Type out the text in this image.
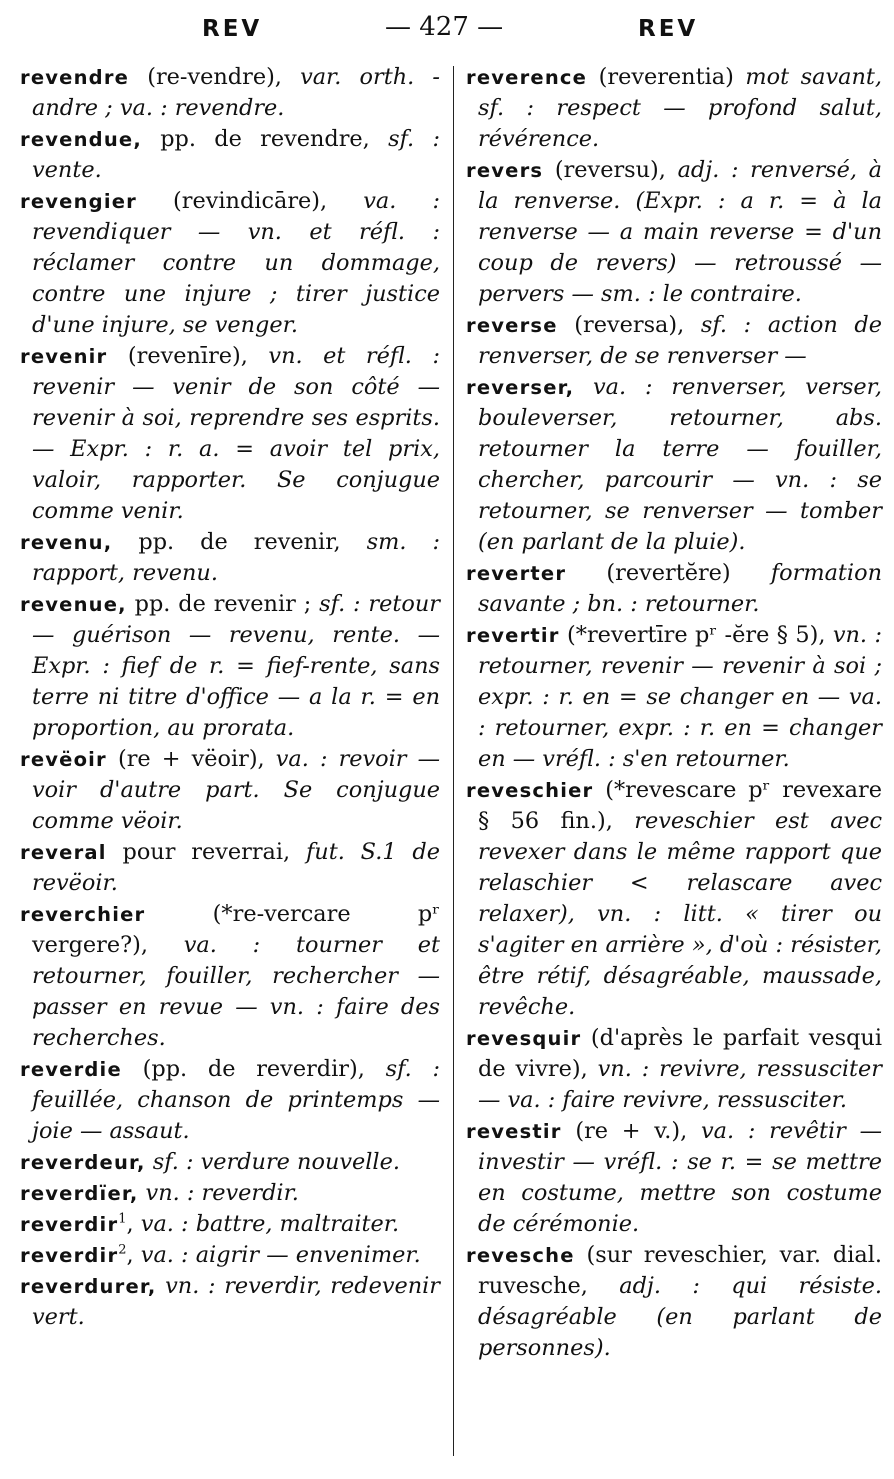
REV	— 427 —	REV

revendre (re-vendre), var. orth. -andre ; va. : revendre.

revendue, pp. de revendre, sf. : vente.

revengier (revindicāre), va. : revendiquer — vn. et réfl. : réclamer contre un dommage, contre une injure ; tirer justice d'une injure, se venger.

revenir (revenīre), vn. et réfl. : revenir — venir de son côté — revenir à soi, reprendre ses esprits. — Expr. : r. a. = avoir tel prix, valoir, rapporter. Se conjugue comme venir.

revenu, pp. de revenir, sm. : rapport, revenu.

revenue, pp. de revenir ; sf. : retour — guérison — revenu, rente. — Expr. : fief de r. = fief-rente, sans terre ni titre d'office — a la r. = en proportion, au prorata.

revëoir (re + vëoir), va. : revoir — voir d'autre part. Se conjugue comme vëoir.

reveral pour reverrai, fut. S.1 de revëoir.

reverchier (*re-vercare pʳ vergere?), va. : tourner et retourner, fouiller, rechercher — passer en revue — vn. : faire des recherches.

reverdie (pp. de reverdir), sf. : feuillée, chanson de printemps — joie — assaut.

reverdeur, sf. : verdure nouvelle.

reverdïer, vn. : reverdir.

reverdir$^1$, va. : battre, maltraiter.

reverdir$^2$, va. : aigrir — envenimer.

reverdurer, vn. : reverdir, redevenir vert.

reverence (reverentia) mot savant, sf. : respect — profond salut, révérence.

revers (reversu), adj. : renversé, à la renverse. (Expr. : a r. = à la renverse — a main reverse = d'un coup de revers) — retroussé — pervers — sm. : le contraire.

reverse (reversa), sf. : action de renverser, de se renverser —

reverser, va. : renverser, verser, bouleverser, retourner, abs. retourner la terre — fouiller, chercher, parcourir — vn. : se retourner, se renverser — tomber (en parlant de la pluie).

reverter (revertĕre) formation savante ; bn. : retourner.

revertir (*revertīre pʳ -ĕre § 5), vn. : retourner, revenir — revenir à soi ; expr. : r. en = se changer en — va. : retourner, expr. : r. en = changer en — vréfl. : s'en retourner.

reveschier (*revescare pʳ revexare § 56 fin.), reveschier est avec revexer dans le même rapport que relaschier < relascare avec relaxer), vn. : litt. « tirer ou s'agiter en arrière », d'où : résister, être rétif, désagréable, maussade, revêche.

revesquir (d'après le parfait vesqui de vivre), vn. : revivre, ressusciter — va. : faire revivre, ressusciter.

revestir (re + v.), va. : revêtir — investir — vréfl. : se r. = se mettre en costume, mettre son costume de cérémonie.

revesche (sur reveschier, var. dial. ruvesche, adj. : qui résiste. désagréable (en parlant de personnes).
